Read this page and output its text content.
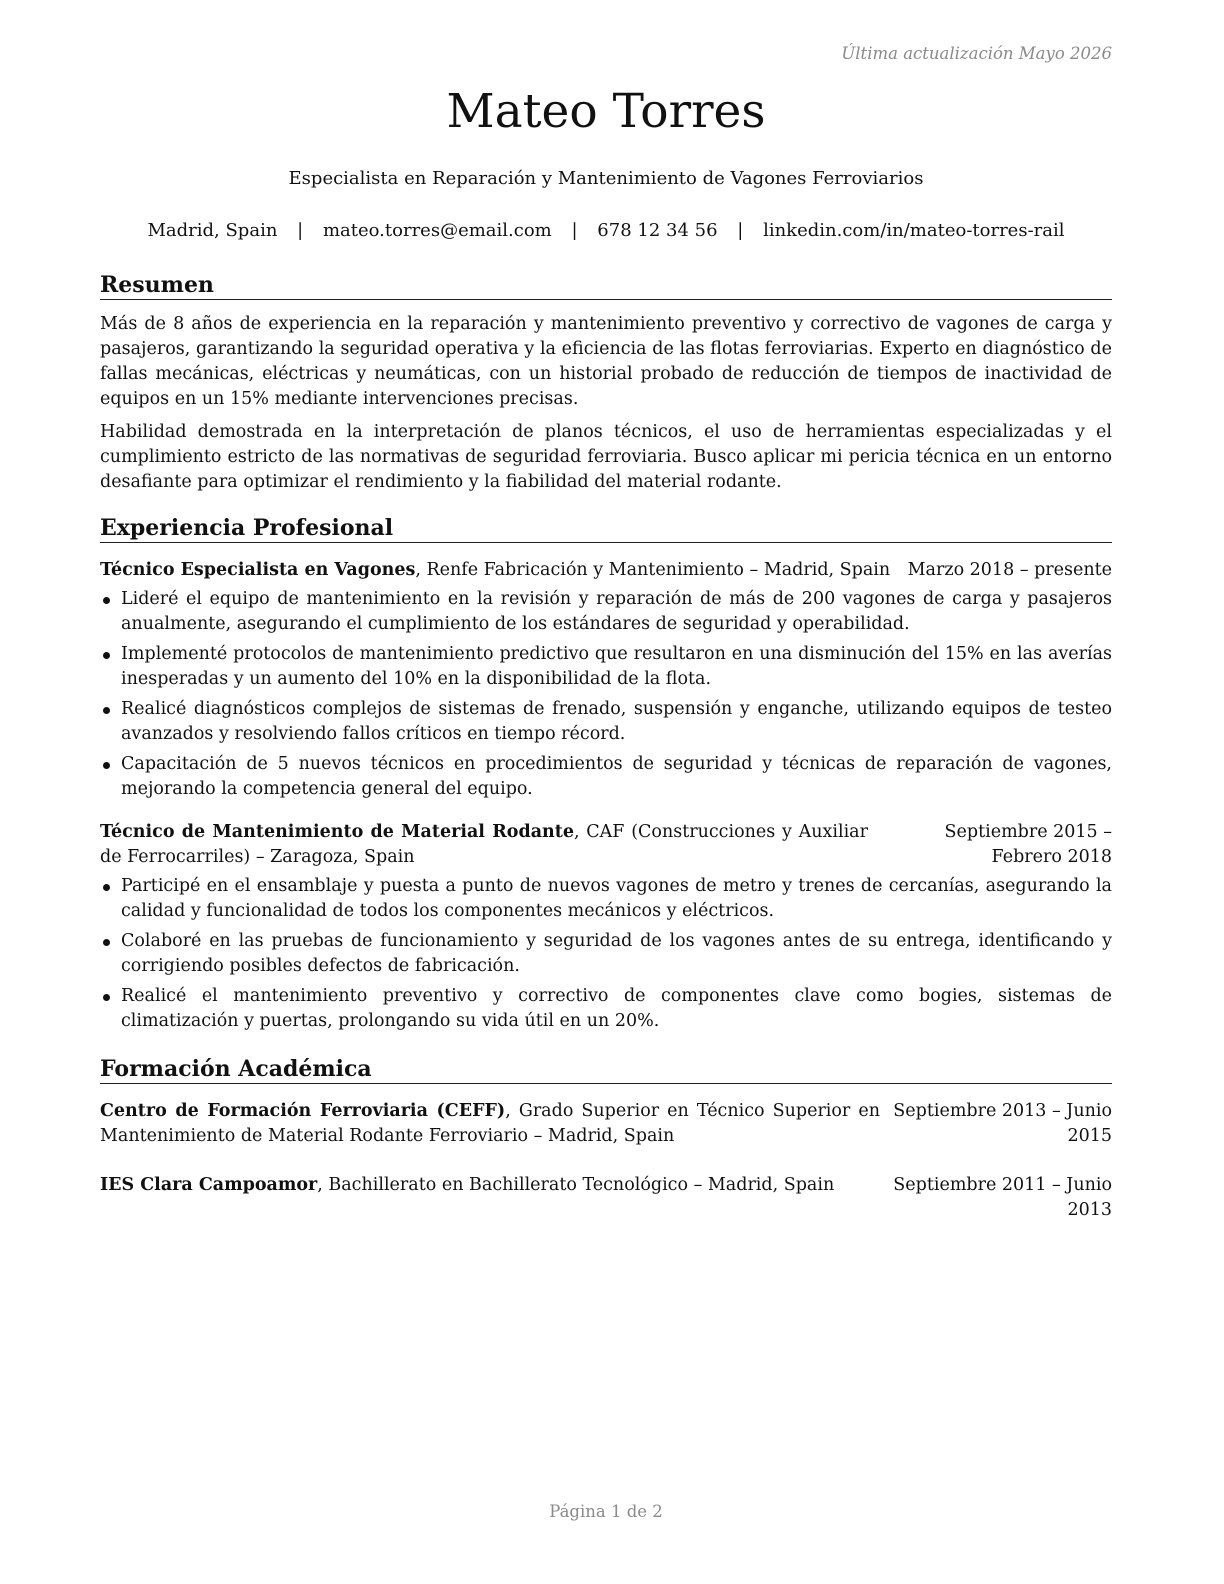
Última actualización Mayo 2026
Mateo Torres
Especialista en Reparación y Mantenimiento de Vagones Ferroviarios
Madrid, Spain | mateo.torres@email.com | 678 12 34 56 | linkedin.com/in/mateo-torres-rail
Resumen

Más de 8 años de experiencia en la reparación y mantenimiento preventivo y correctivo de vagones de carga y pasajeros, garantizando la seguridad operativa y la eficiencia de las flotas ferroviarias. Experto en diagnóstico de fallas mecánicas, eléctricas y neumáticas, con un historial probado de reducción de tiempos de inactividad de equipos en un 15% mediante intervenciones precisas.

Habilidad demostrada en la interpretación de planos técnicos, el uso de herramientas especializadas y el cumplimiento estricto de las normativas de seguridad ferroviaria. Busco aplicar mi pericia técnica en un entorno desafiante para optimizar el rendimiento y la fiabilidad del material rodante.

Experiencia Profesional
Técnico Especialista en Vagones, Renfe Fabricación y Mantenimiento – Madrid, Spain Marzo 2018 – presente
Lideré el equipo de mantenimiento en la revisión y reparación de más de 200 vagones de carga y pasajeros anualmente, asegurando el cumplimiento de los estándares de seguridad y operabilidad.
Implementé protocolos de mantenimiento predictivo que resultaron en una disminución del 15% en las averías inesperadas y un aumento del 10% en la disponibilidad de la flota.
Realicé diagnósticos complejos de sistemas de frenado, suspensión y enganche, utilizando equipos de testeo avanzados y resolviendo fallos críticos en tiempo récord.
Capacitación de 5 nuevos técnicos en procedimientos de seguridad y técnicas de reparación de vagones, mejorando la competencia general del equipo.
Técnico de Mantenimiento de Material Rodante, CAF (Construcciones y Auxiliar de Ferrocarriles) – Zaragoza, Spain
Septiembre 2015 – Febrero 2018
Participé en el ensamblaje y puesta a punto de nuevos vagones de metro y trenes de cercanías, asegurando la calidad y funcionalidad de todos los componentes mecánicos y eléctricos.
Colaboré en las pruebas de funcionamiento y seguridad de los vagones antes de su entrega, identificando y corrigiendo posibles defectos de fabricación.
Realicé el mantenimiento preventivo y correctivo de componentes clave como bogies, sistemas de climatización y puertas, prolongando su vida útil en un 20%.
Formación Académica
Centro de Formación Ferroviaria (CEFF), Grado Superior en Técnico Superior en Mantenimiento de Material Rodante Ferroviario – Madrid, Spain
Septiembre 2013 – Junio 2015
IES Clara Campoamor, Bachillerato en Bachillerato Tecnológico – Madrid, Spain	Septiembre 2011 – Junio 2013
Página 1 de 2
